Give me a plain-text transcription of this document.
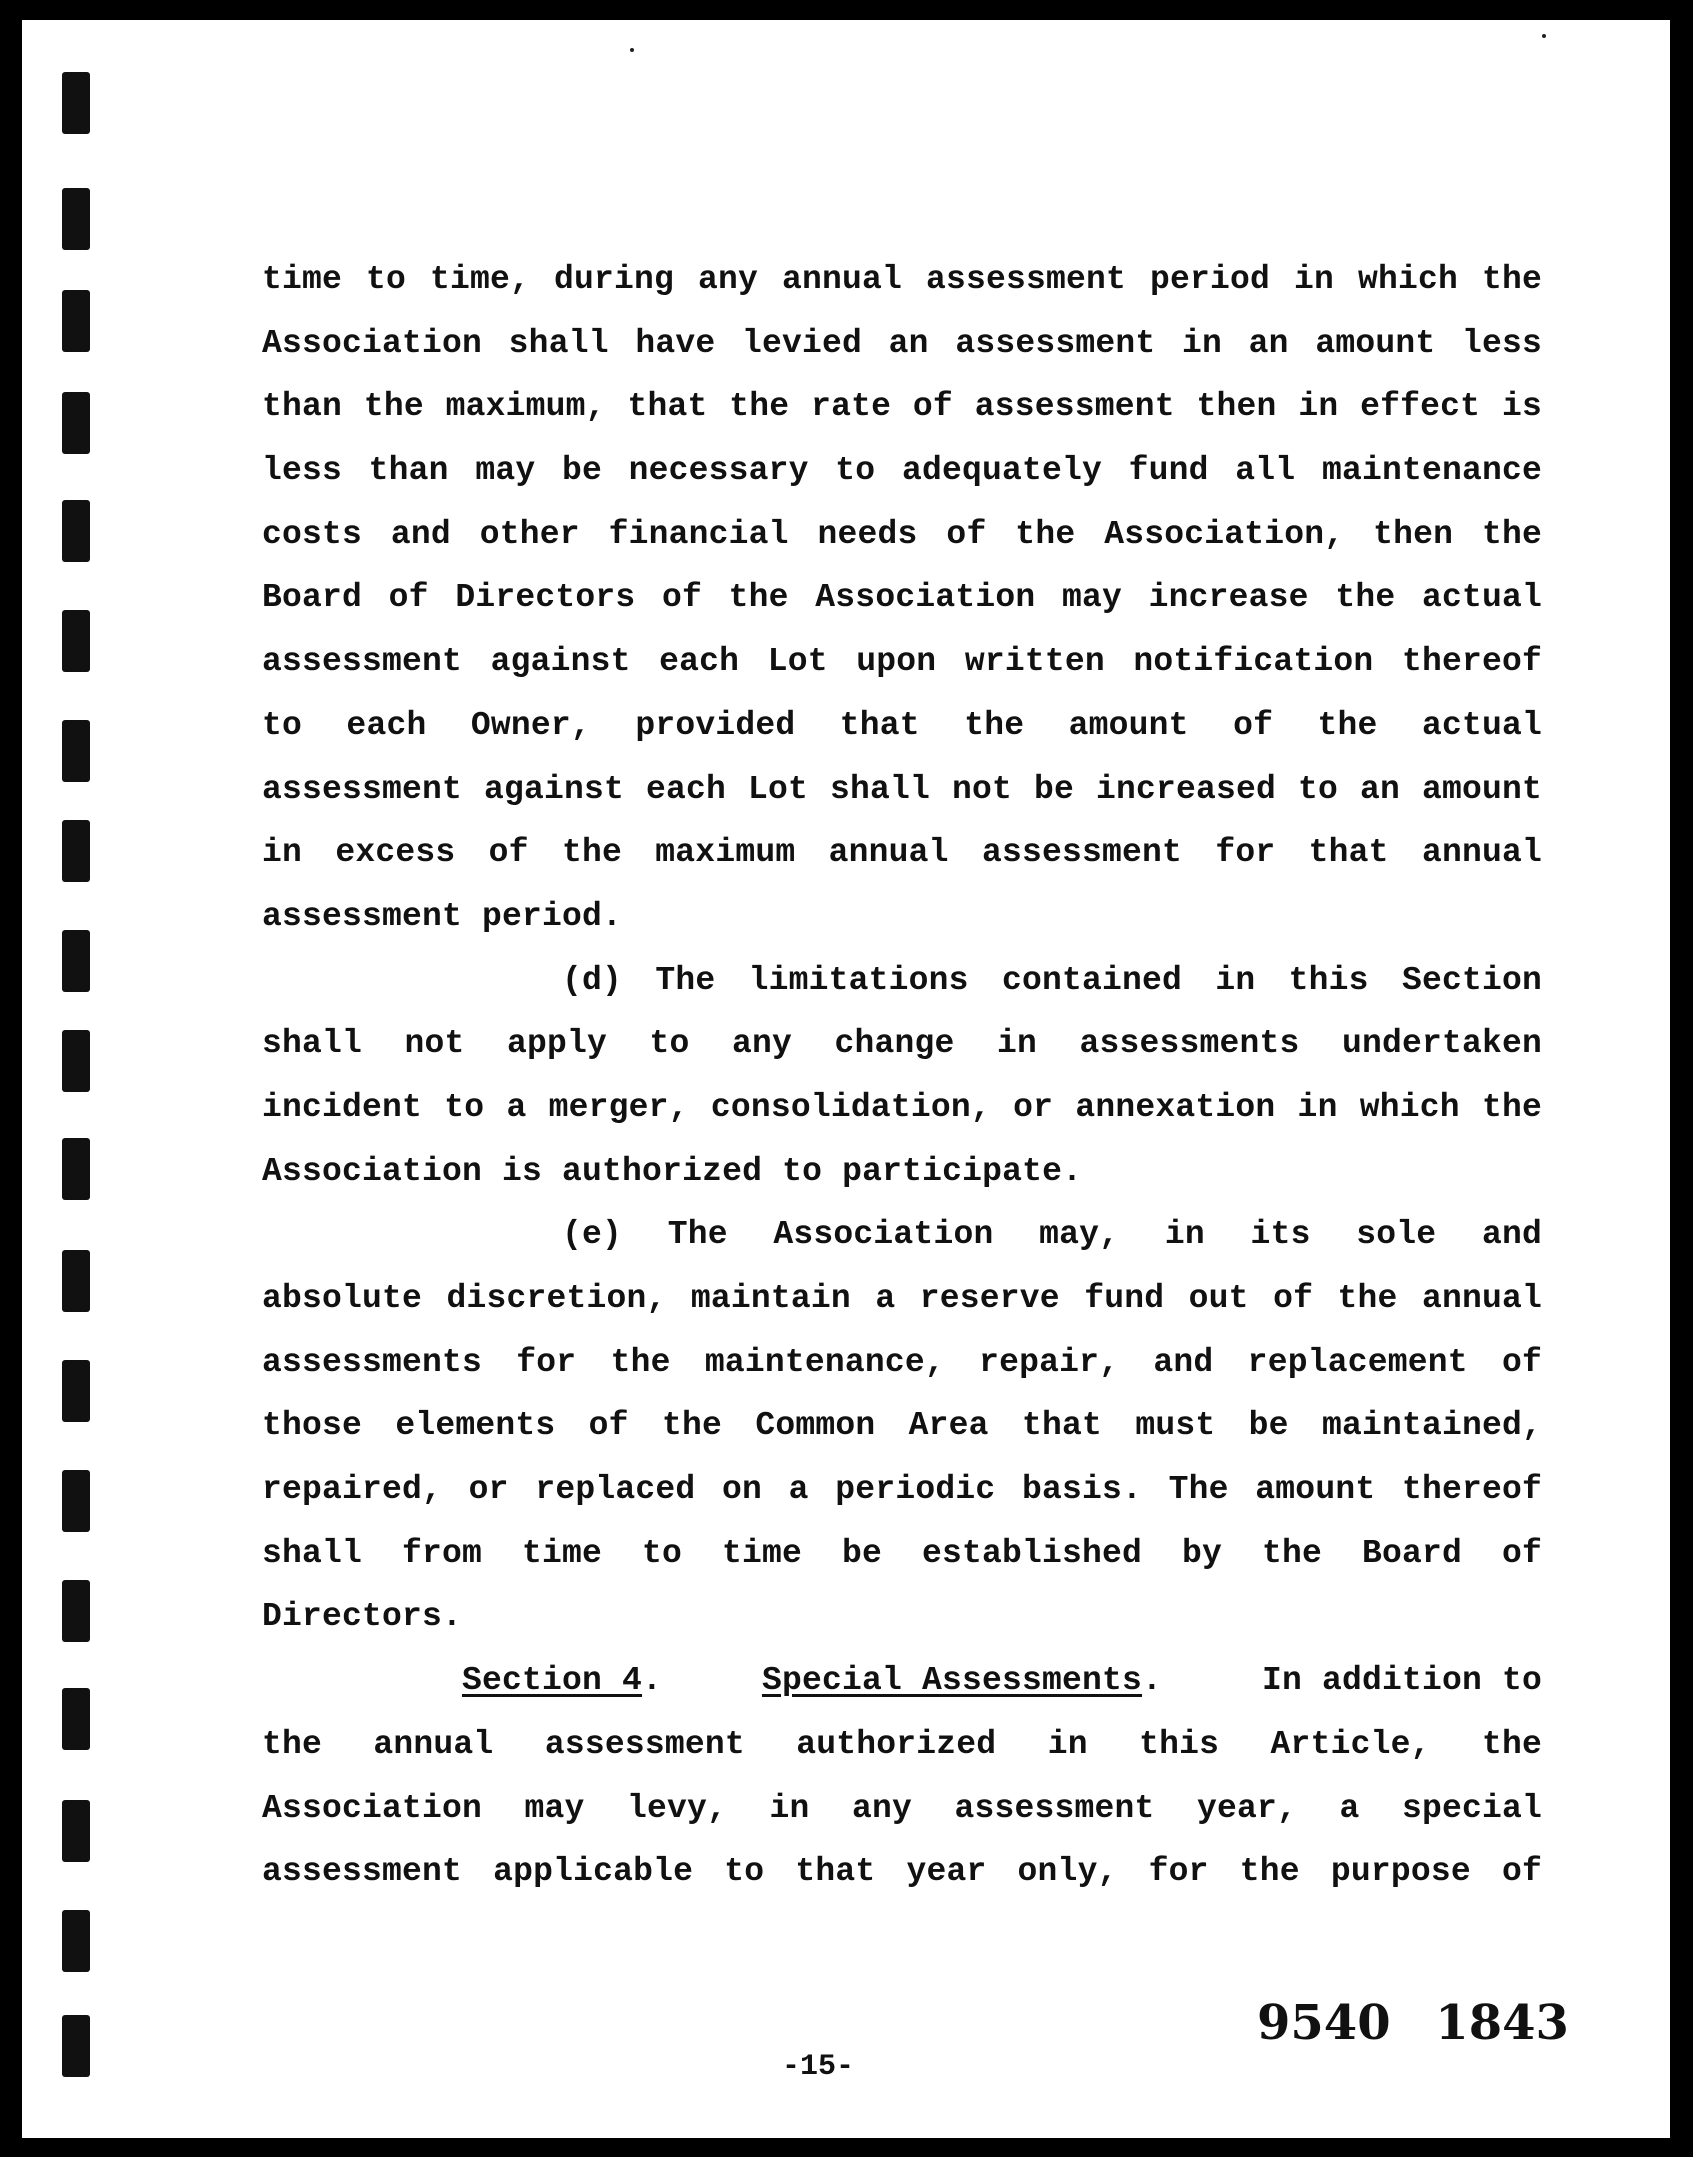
time to time, during any annual assessment period in which the
Association shall have levied an assessment in an amount less
than the maximum, that the rate of assessment then in effect is
less than may be necessary to adequately fund all maintenance
costs and other financial needs of the Association, then the
Board of Directors of the Association may increase the actual
assessment against each Lot upon written notification thereof
to each Owner, provided that the amount of the actual
assessment against each Lot shall not be increased to an amount
in excess of the maximum annual assessment for that annual
assessment period.
(d) The limitations contained in this Section
shall not apply to any change in assessments undertaken
incident to a merger, consolidation, or annexation in which the
Association is authorized to participate.
(e) The Association may, in its sole and
absolute discretion, maintain a reserve fund out of the annual
assessments for the maintenance, repair, and replacement of
those elements of the Common Area that must be maintained,
repaired, or replaced on a periodic basis. The amount thereof
shall from time to time be established by the Board of
Directors.
Section 4.	Special Assessments.	In addition to
the annual assessment authorized in this Article, the
Association may levy, in any assessment year, a special
assessment applicable to that year only, for the purpose of
9540 1843
-15-
